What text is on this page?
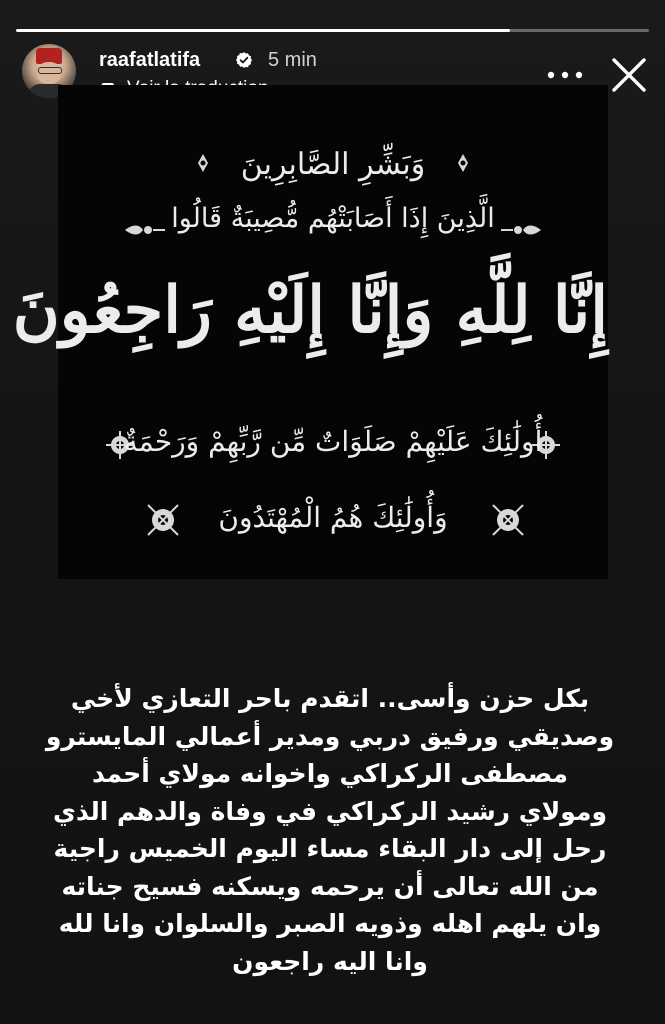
raafatlatifa	5 min
وَبَشِّرِ الصَّابِرِينَ
الَّذِينَ إِذَا أَصَابَتْهُم مُّصِيبَةٌ قَالُوا
إِنَّا لِلَّهِ وَإِنَّا إِلَيْهِ رَاجِعُونَ
أُولَٰئِكَ عَلَيْهِمْ صَلَوَاتٌ مِّن رَّبِّهِمْ وَرَحْمَةٌ
وَأُولَٰئِكَ هُمُ الْمُهْتَدُونَ
بكل حزن وأسى.. اتقدم باحر التعازي لأخي
وصديقي ورفيق دربي ومدير أعمالي المايسترو
مصطفى الركراكي واخوانه مولاي أحمد
ومولاي رشيد الركراكي في وفاة والدهم الذي
رحل إلى دار البقاء مساء اليوم الخميس راجية
من الله تعالى أن يرحمه ويسكنه فسيح جناته
وان يلهم اهله وذويه الصبر والسلوان وانا لله
وانا اليه راجعون
